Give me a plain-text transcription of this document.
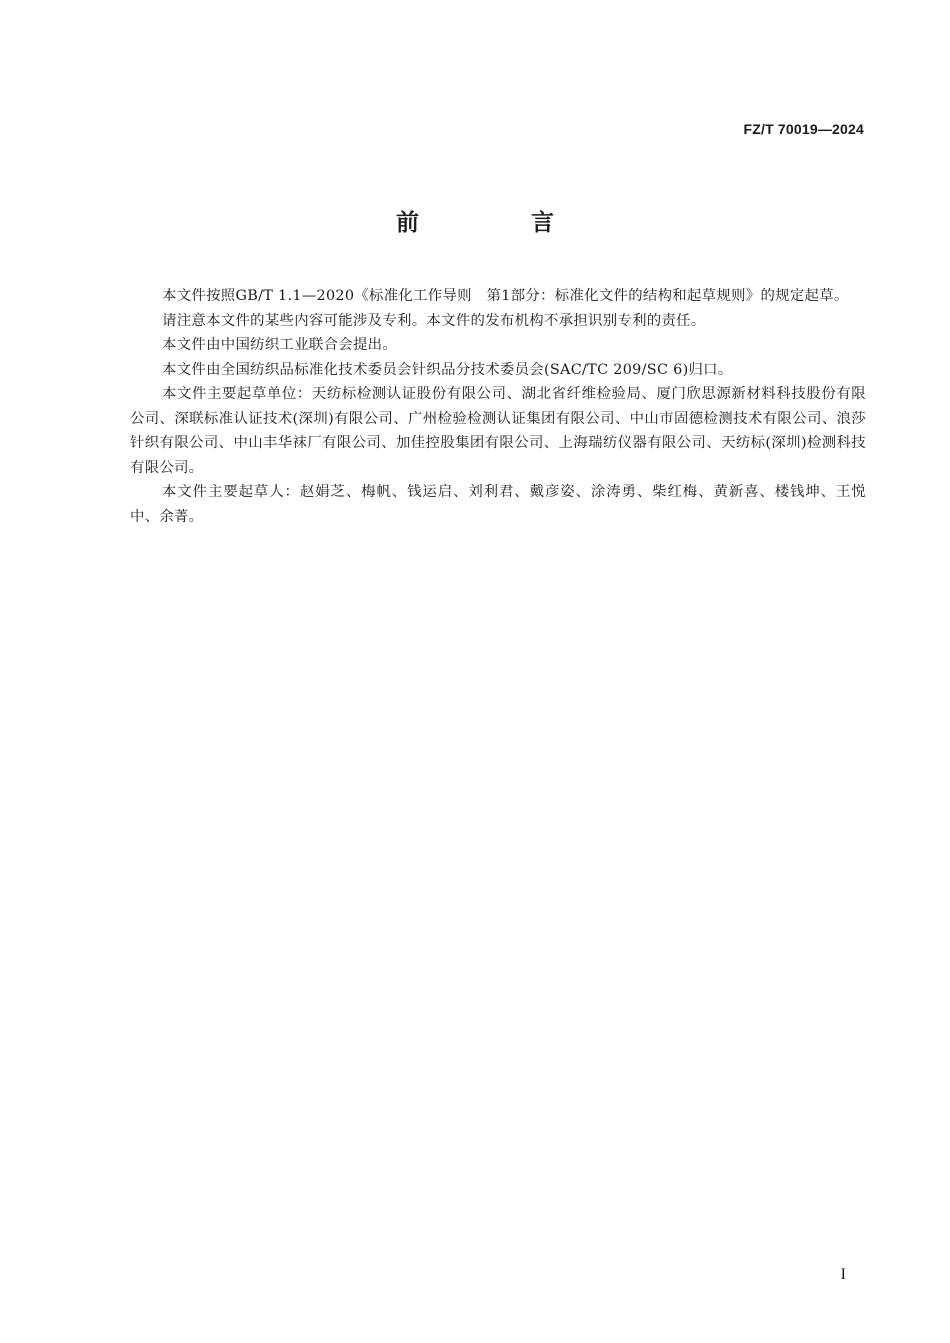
FZ/T 70019—2024
前 言

本文件按照GB/T 1.1—2020《标准化工作导则　第1部分：标准化文件的结构和起草规则》的规定起草。

请注意本文件的某些内容可能涉及专利。本文件的发布机构不承担识别专利的责任。

本文件由中国纺织工业联合会提出。

本文件由全国纺织品标准化技术委员会针织品分技术委员会(SAC/TC 209/SC 6)归口。

本文件主要起草单位：天纺标检测认证股份有限公司、湖北省纤维检验局、厦门欣思源新材料科技股份有限公司、深联标准认证技术(深圳)有限公司、广州检验检测认证集团有限公司、中山市固德检测技术有限公司、浪莎针织有限公司、中山丰华袜厂有限公司、加佳控股集团有限公司、上海瑞纺仪器有限公司、天纺标(深圳)检测科技有限公司。

本文件主要起草人：赵娟芝、梅帆、钱运启、刘利君、戴彦姿、涂涛勇、柴红梅、黄新喜、楼钱坤、王悦中、余菁。

I
